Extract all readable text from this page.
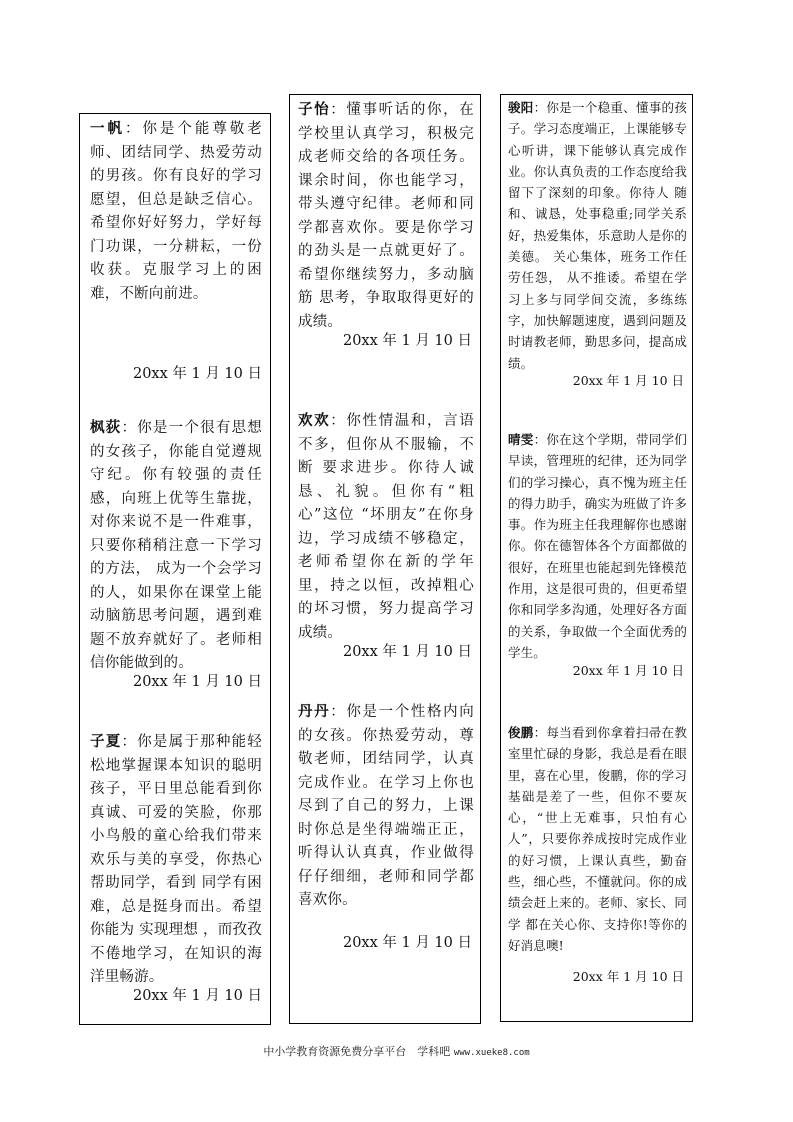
一帆：你是个能尊敬老师、团结同学、热爱劳动的男孩。你有良好的学习愿望，但总是缺乏信心。希望你好好努力，学好每门功课，一分耕耘，一份收获。克服学习上的困难，不断向前进。
20xx 年 1 月 10 日
枫荻：你是一个很有思想的女孩子，你能自觉遵规守纪。你有较强的责任感，向班上优等生靠拢，对你来说不是一件难事，只要你稍稍注意一下学习的方法， 成为一个会学习的人，如果你在课堂上能动脑筋思考问题，遇到难题不放弃就好了。老师相信你能做到的。
20xx 年 1 月 10 日
子夏：你是属于那种能轻松地掌握课本知识的聪明孩子，平日里总能看到你真诚、可爱的笑脸，你那小鸟般的童心给我们带来欢乐与美的享受，你热心帮助同学，看到 同学有困难，总是挺身而出。希望你能为 实现理想 ，而孜孜不倦地学习，在知识的海洋里畅游。
20xx 年 1 月 10 日
子怡：懂事听话的你，在学校里认真学习，积极完成老师交给的各项任务。课余时间，你也能学习，带头遵守纪律。老师和同学都喜欢你。要是你学习的劲头是一点就更好了。希望你继续努力，多动脑筋 思考，争取取得更好的成绩。
20xx 年 1 月 10 日
欢欢：你性情温和，言语不多，但你从不服输，不断 要求进步。你待人诚恳、礼貌。但你有“粗心”这位 “坏朋友”在你身边，学习成绩不够稳定，老师希望你在新的学年里，持之以恒，改掉粗心的坏习惯，努力提高学习成绩。
20xx 年 1 月 10 日
丹丹：你是一个性格内向的女孩。你热爱劳动，尊敬老师，团结同学，认真完成作业。在学习上你也尽到了自己的努力，上课时你总是坐得端端正正，听得认认真真，作业做得仔仔细细，老师和同学都喜欢你。
20xx 年 1 月 10 日
骏阳：你是一个稳重、懂事的孩子。学习态度端正，上课能够专心听讲，课下能够认真完成作业。你认真负责的工作态度给我留下了深刻的印象。你待人 随和、诚恳，处事稳重;同学关系好，热爱集体，乐意助人是你的美德。 关心集体，班务工作任劳任怨， 从不推诿。希望在学习上多与同学间交流，多练练字，加快解题速度，遇到问题及时请教老师，勤思多问，提高成绩。
20xx 年 1 月 10 日
晴雯：你在这个学期，带同学们早读，管理班的纪律，还为同学们的学习操心，真不愧为班主任的得力助手，确实为班做了许多事。作为班主任我理解你也感谢你。你在德智体各个方面都做的很好，在班里也能起到先锋模范作用，这是很可贵的，但更希望你和同学多沟通，处理好各方面的关系，争取做一个全面优秀的学生。
20xx 年 1 月 10 日
俊鹏：每当看到你拿着扫帚在教室里忙碌的身影，我总是看在眼里，喜在心里，俊鹏，你的学习基础是差了一些，但你不要灰心，“世上无难事，只怕有心人”，只要你养成按时完成作业的好习惯，上课认真些，勤奋些，细心些，不懂就问。你的成绩会赶上来的。老师、家长、同学 都在关心你、支持你!等你的好消息噢!
20xx 年 1 月 10 日
中小学教育资源免费分享平台　学科吧 www.xueke8.com
